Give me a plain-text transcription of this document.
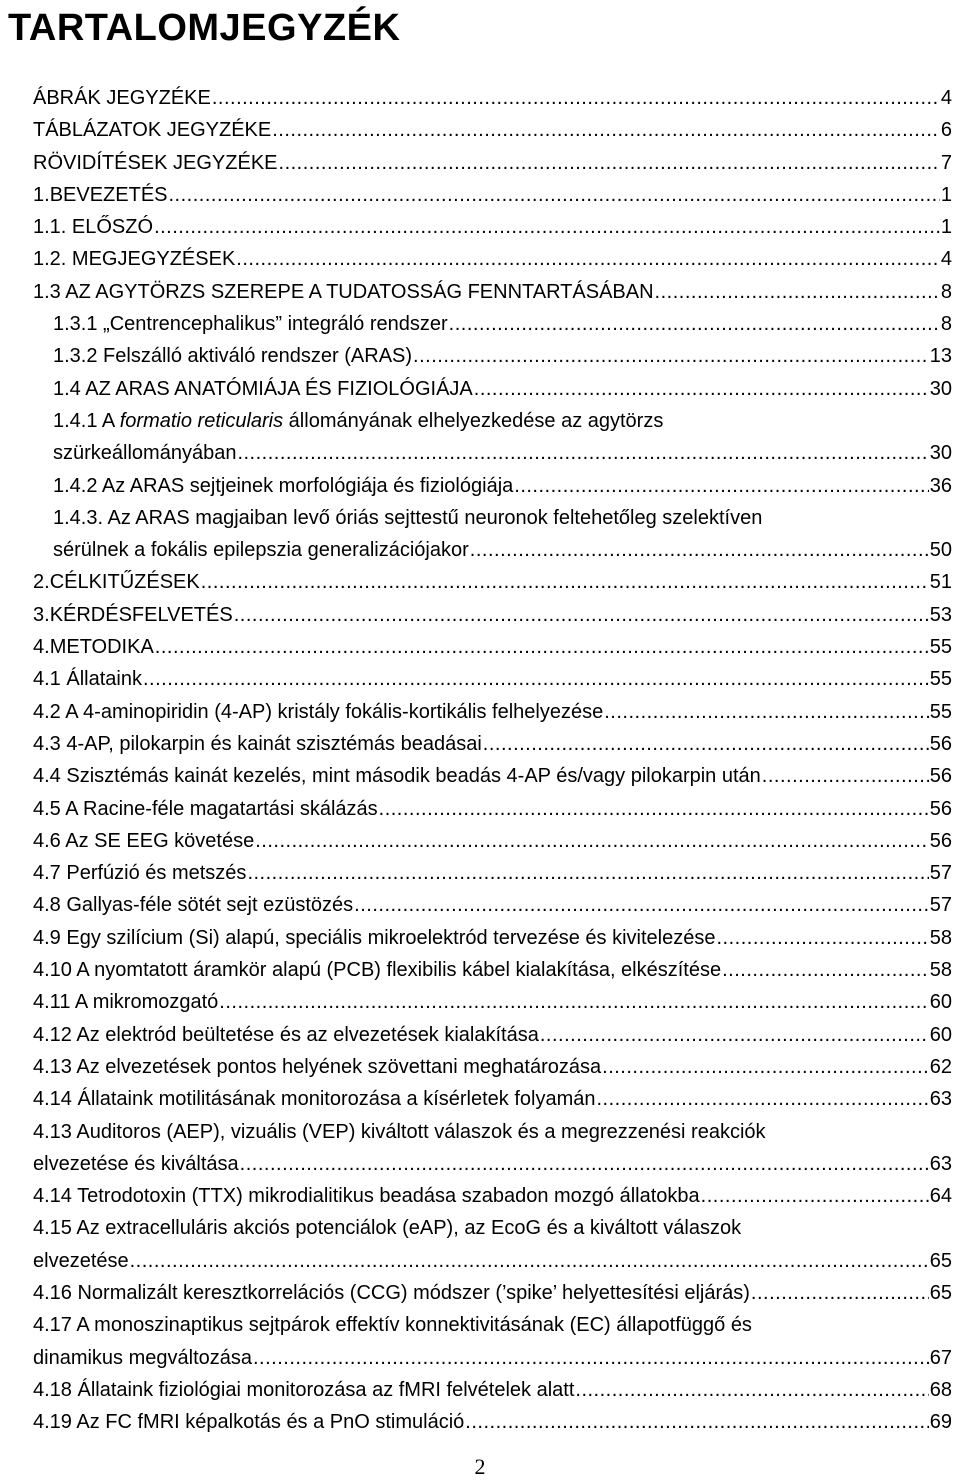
TARTALOMJEGYZÉK
ÁBRÁK JEGYZÉKE .....	4
TÁBLÁZATOK JEGYZÉKE .....	6
RÖVIDÍTÉSEK JEGYZÉKE .....	7
1. BEVEZETÉS .....	1
1.1. ELŐSZÓ .....	1
1.2. MEGJEGYZÉSEK .....	4
1.3 AZ AGYTÖRZS SZEREPE A TUDATOSSÁG FENNTARTÁSÁBAN .....	8
1.3.1 „Centrencephalikus” integráló rendszer .....	8
1.3.2 Felszálló aktiváló rendszer (ARAS) .....	13
1.4 AZ ARAS ANATÓMIÁJA ÉS FIZIOLÓGIÁJA .....	30
1.4.1 A formatio reticularis állományának elhelyezkedése az agytörzs
szürkeállományában .....	30
1.4.2 Az ARAS sejtjeinek morfológiája és fiziológiája .....	36
1.4.3. Az ARAS magjaiban levő óriás sejttestű neuronok feltehetőleg szelektíven
sérülnek a fokális epilepszia generalizációjakor .....	50
2. CÉLKITŰZÉSEK .....	51
3. KÉRDÉSFELVETÉS .....	53
4. METODIKA .....	55
4.1 Állataink .....	55
4.2 A 4-aminopiridin (4-AP) kristály fokális-kortikális felhelyezése .....	55
4.3 4-AP, pilokarpin és kainát szisztémás beadásai .....	56
4.4 Szisztémás kainát kezelés, mint második beadás 4-AP és/vagy pilokarpin után .....	56
4.5 A Racine-féle magatartási skálázás .....	56
4.6 Az SE EEG követése .....	56
4.7 Perfúzió és metszés .....	57
4.8 Gallyas-féle sötét sejt ezüstözés .....	57
4.9 Egy szilícium (Si) alapú, speciális mikroelektród tervezése és kivitelezése .....	58
4.10 A nyomtatott áramkör alapú (PCB) flexibilis kábel kialakítása, elkészítése .....	58
4.11 A mikromozgató .....	60
4.12 Az elektród beültetése és az elvezetések kialakítása .....	60
4.13 Az elvezetések pontos helyének szövettani meghatározása .....	62
4.14 Állataink motilitásának monitorozása a kísérletek folyamán .....	63
4.13 Auditoros (AEP), vizuális (VEP) kiváltott válaszok és a megrezzenési reakciók
elvezetése és kiváltása .....	63
4.14 Tetrodotoxin (TTX) mikrodialitikus beadása szabadon mozgó állatokba .....	64
4.15 Az extracelluláris akciós potenciálok (eAP), az EcoG és a kiváltott válaszok
elvezetése .....	65
4.16 Normalizált keresztkorrelációs (CCG) módszer (’spike’ helyettesítési eljárás) .....	65
4.17 A monoszinaptikus sejtpárok effektív konnektivitásának (EC) állapotfüggő és
dinamikus megváltozása .....	67
4.18 Állataink fiziológiai monitorozása az fMRI felvételek alatt .....	68
4.19 Az FC fMRI képalkotás és a PnO stimuláció .....	69
2
